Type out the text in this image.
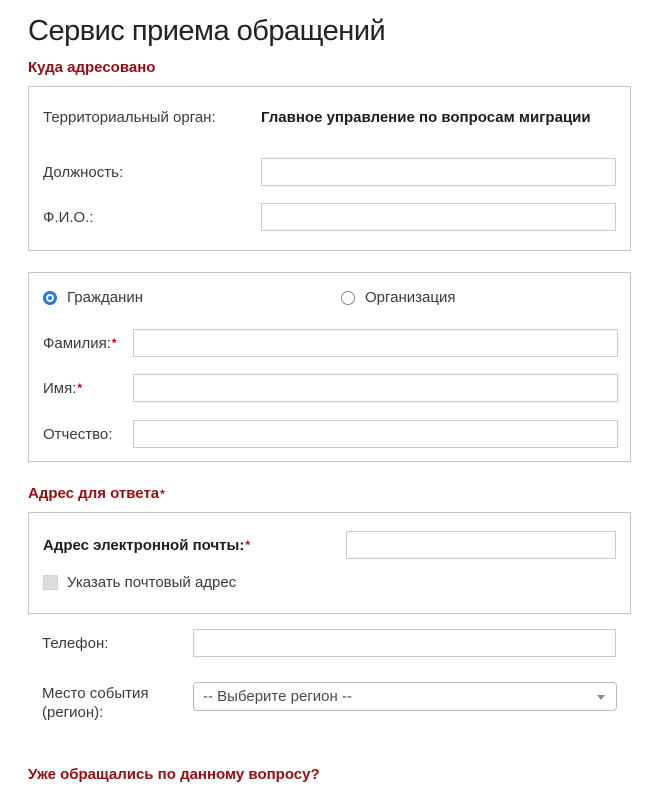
Сервис приема обращений
Куда адресовано
Территориальный орган:	Главное управление по вопросам миграции
Должность:
Ф.И.О.:
Гражданин	Организация
Фамилия:*
Имя:*
Отчество:
Адрес для ответа*
Адрес электронной почты:*
Указать почтовый адрес
Телефон:
Место события (регион):
-- Выберите регион --
Уже обращались по данному вопросу?
